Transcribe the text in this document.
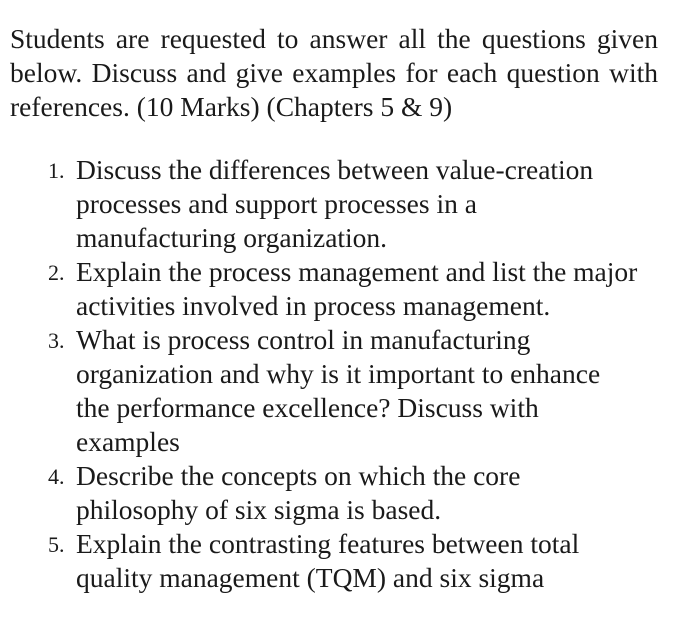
Students are requested to answer all the questions given below. Discuss and give examples for each question with references. (10 Marks) (Chapters 5 & 9)

1. Discuss the differences between value-creation processes and support processes in a manufacturing organization.
2. Explain the process management and list the major activities involved in process management.
3. What is process control in manufacturing organization and why is it important to enhance the performance excellence? Discuss with examples
4. Describe the concepts on which the core philosophy of six sigma is based.
5. Explain the contrasting features between total quality management (TQM) and six sigma
